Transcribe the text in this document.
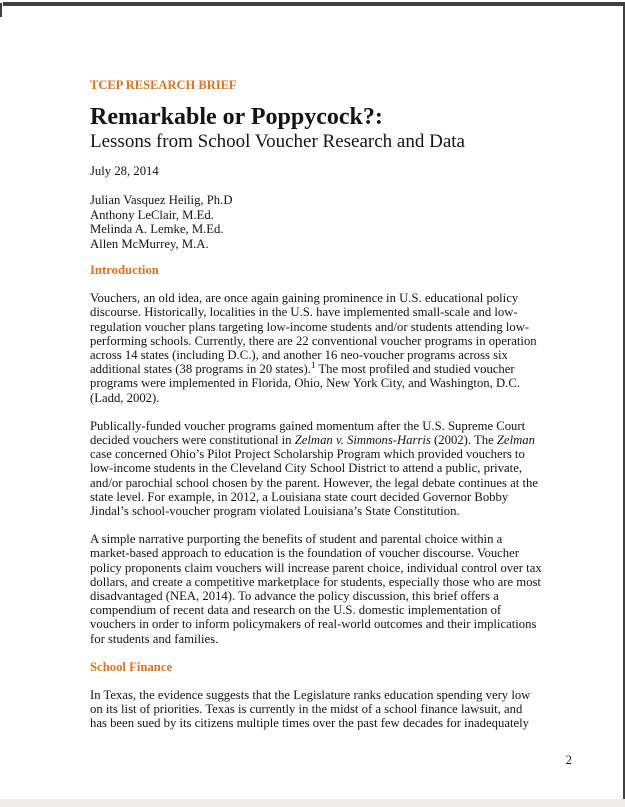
TCEP RESEARCH BRIEF
Remarkable or Poppycock?:
Lessons from School Voucher Research and Data
July 28, 2014
Julian Vasquez Heilig, Ph.D
Anthony LeClair, M.Ed.
Melinda A. Lemke, M.Ed.
Allen McMurrey, M.A.
Introduction

Vouchers, an old idea, are once again gaining prominence in U.S. educational policy discourse. Historically, localities in the U.S. have implemented small-scale and low-regulation voucher plans targeting low-income students and/or students attending low-performing schools. Currently, there are 22 conventional voucher programs in operation across 14 states (including D.C.), and another 16 neo-voucher programs across six additional states (38 programs in 20 states).$^1$ The most profiled and studied voucher programs were implemented in Florida, Ohio, New York City, and Washington, D.C. (Ladd, 2002).

Publically-funded voucher programs gained momentum after the U.S. Supreme Court decided vouchers were constitutional in Zelman v. Simmons-Harris (2002). The Zelman case concerned Ohio’s Pilot Project Scholarship Program which provided vouchers to low-income students in the Cleveland City School District to attend a public, private, and/or parochial school chosen by the parent. However, the legal debate continues at the state level. For example, in 2012, a Louisiana state court decided Governor Bobby Jindal’s school-voucher program violated Louisiana’s State Constitution.

A simple narrative purporting the benefits of student and parental choice within a market-based approach to education is the foundation of voucher discourse. Voucher policy proponents claim vouchers will increase parent choice, individual control over tax dollars, and create a competitive marketplace for students, especially those who are most disadvantaged (NEA, 2014). To advance the policy discussion, this brief offers a compendium of recent data and research on the U.S. domestic implementation of vouchers in order to inform policymakers of real-world outcomes and their implications for students and families.

School Finance

In Texas, the evidence suggests that the Legislature ranks education spending very low on its list of priorities. Texas is currently in the midst of a school finance lawsuit, and has been sued by its citizens multiple times over the past few decades for inadequately

2
